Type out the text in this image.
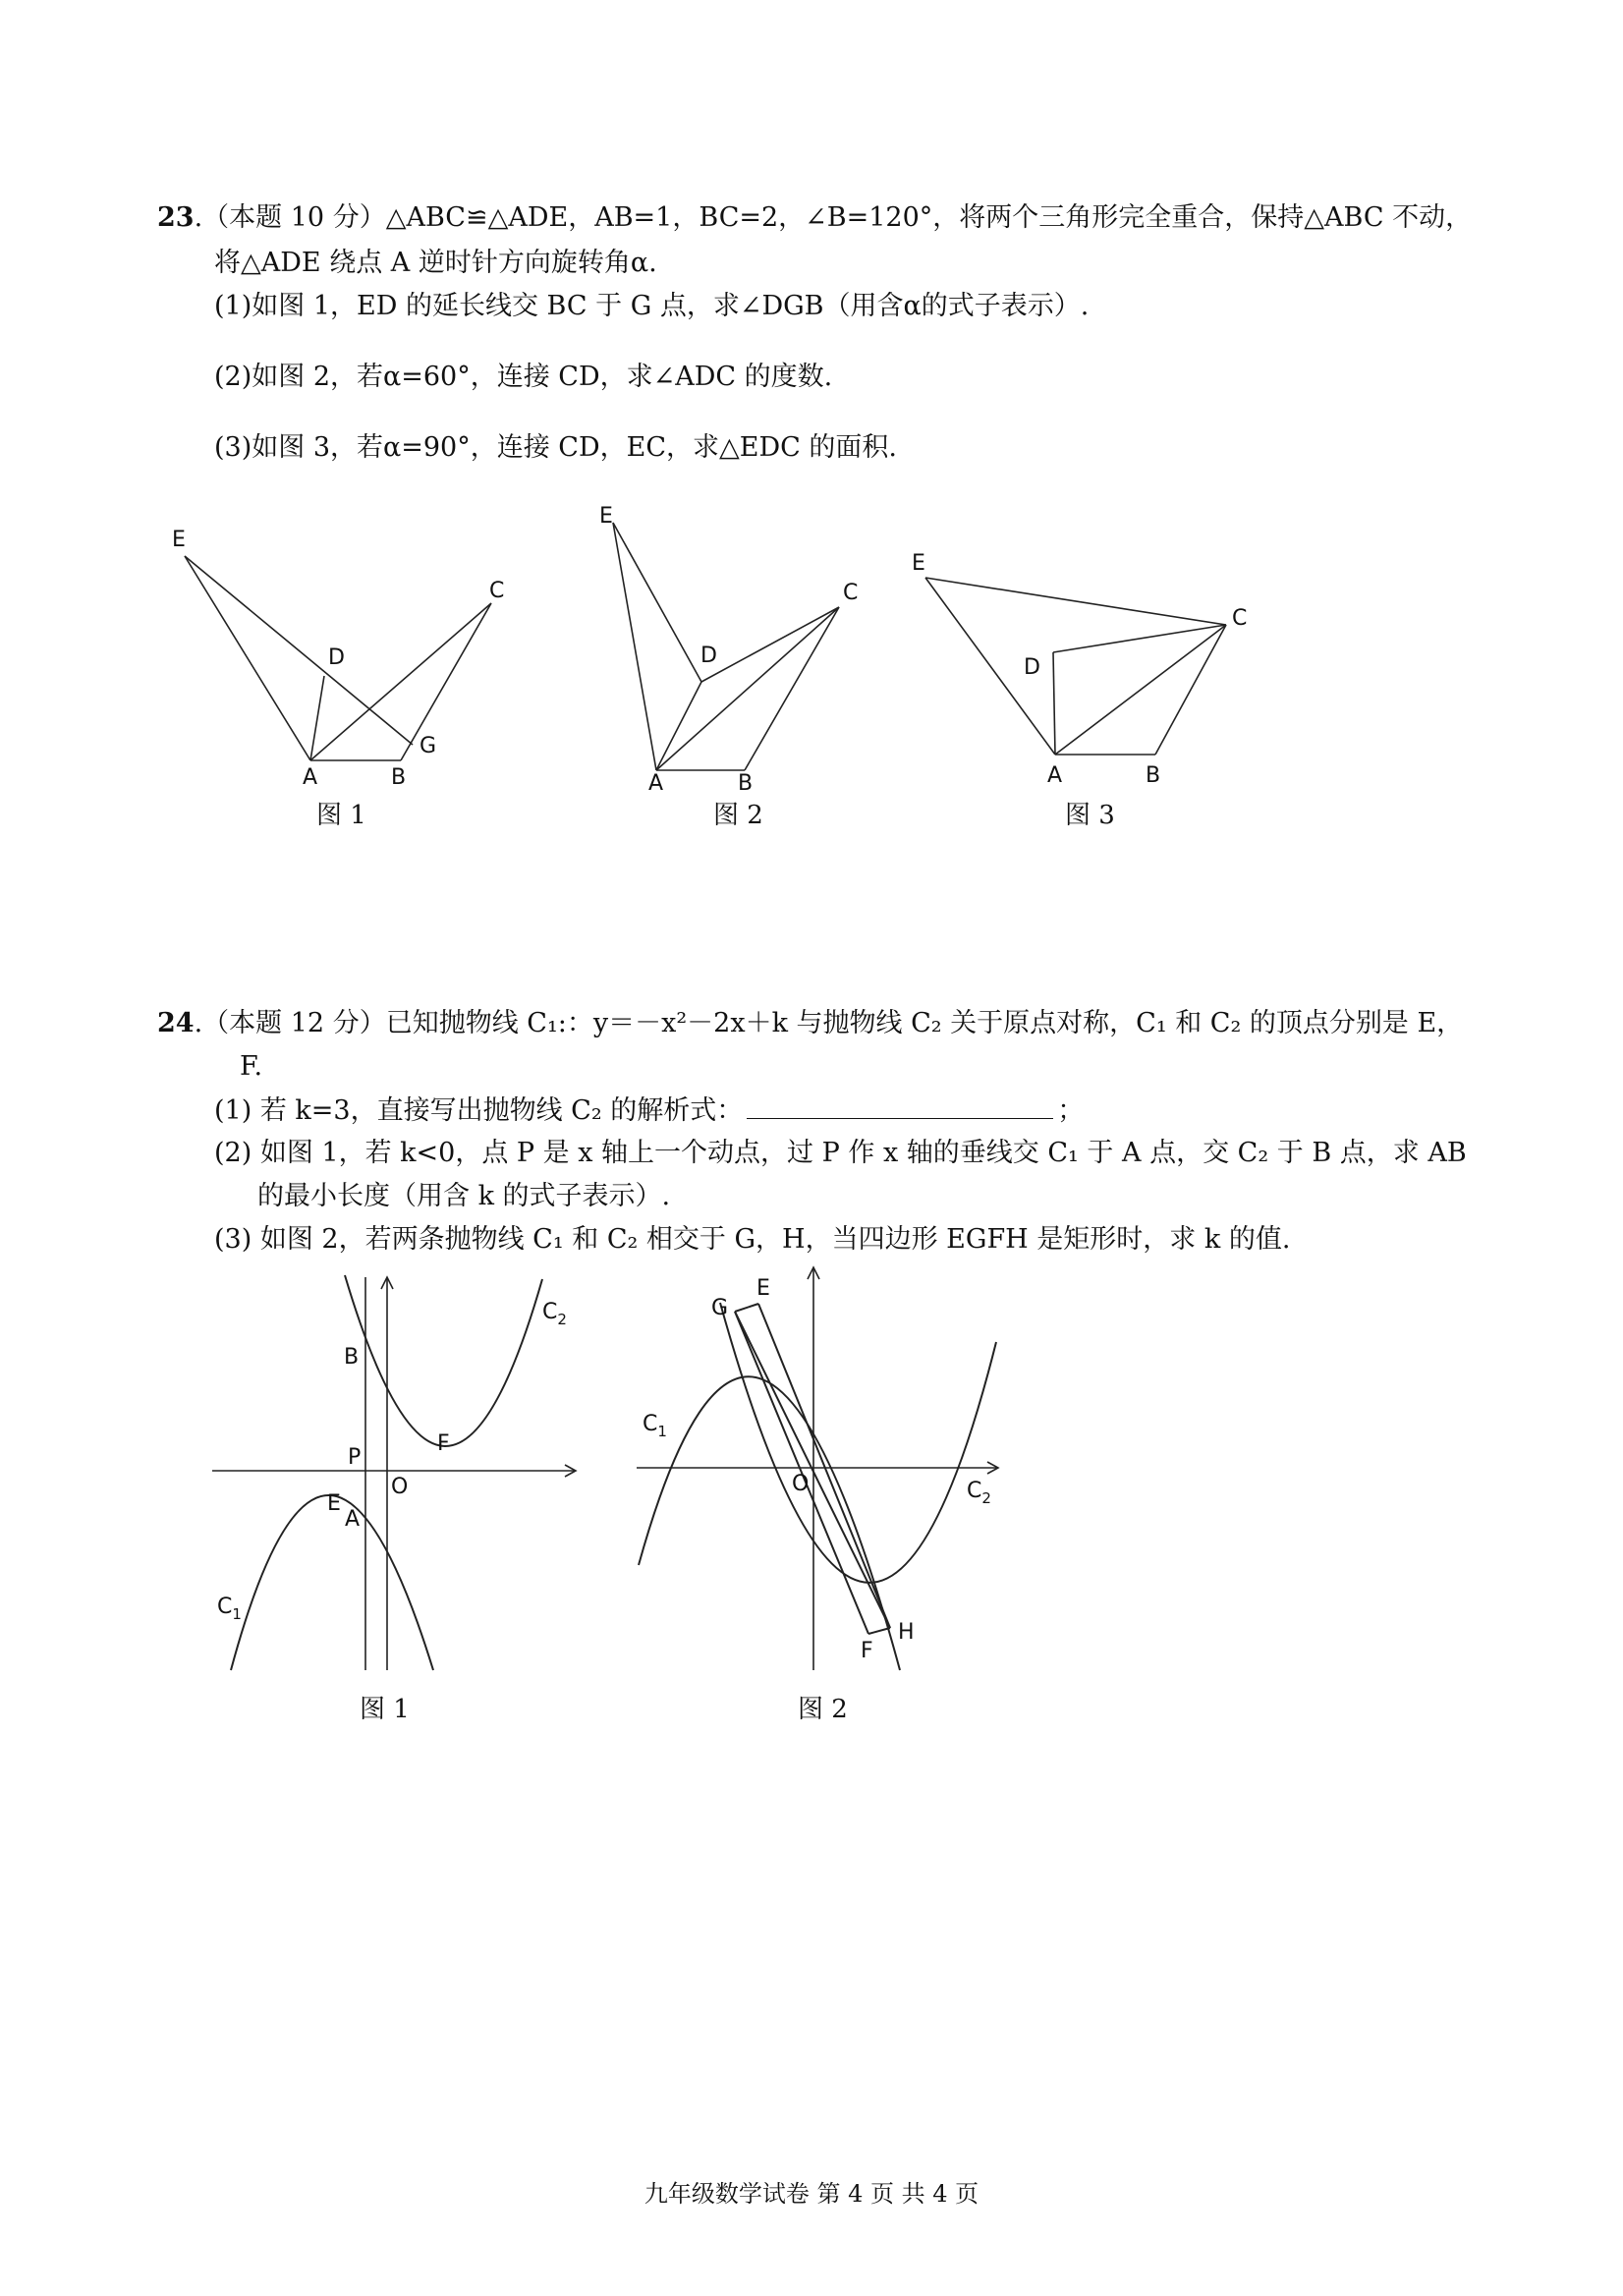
23.（本题 10 分）△ABC≌△ADE，AB=1，BC=2，∠B=120°，将两个三角形完全重合，保持△ABC 不动，
将△ADE 绕点 A 逆时针方向旋转角α.
(1)如图 1，ED 的延长线交 BC 于 G 点，求∠DGB（用含α的式子表示）.
(2)如图 2，若α=60°，连接 CD，求∠ADC 的度数.
(3)如图 3，若α=90°，连接 CD，EC，求△EDC 的面积.
E
C
D
G
A	B
图 1
E
C
D
A	B
图 2
E
C
D
A	B
图 3
24.（本题 12 分）已知抛物线 C₁:：y＝－x²－2x＋k 与抛物线 C₂ 关于原点对称，C₁ 和 C₂ 的顶点分别是 E，
F.
(1) 若 k=3，直接写出抛物线 C₂ 的解析式：	；
(2) 如图 1，若 k<0，点 P 是 x 轴上一个动点，过 P 作 x 轴的垂线交 C₁ 于 A 点，交 C₂ 于 B 点，求 AB
的最小长度（用含 k 的式子表示）.
(3) 如图 2，若两条抛物线 C₁ 和 C₂ 相交于 G，H，当四边形 EGFH 是矩形时，求 k 的值.
$C_2$
B
F
P
O
E
A
$C_1$
图 1
G
E
$C_1$
O	$C_2$
F
H
图 2
九年级数学试卷 第 4 页 共 4 页
